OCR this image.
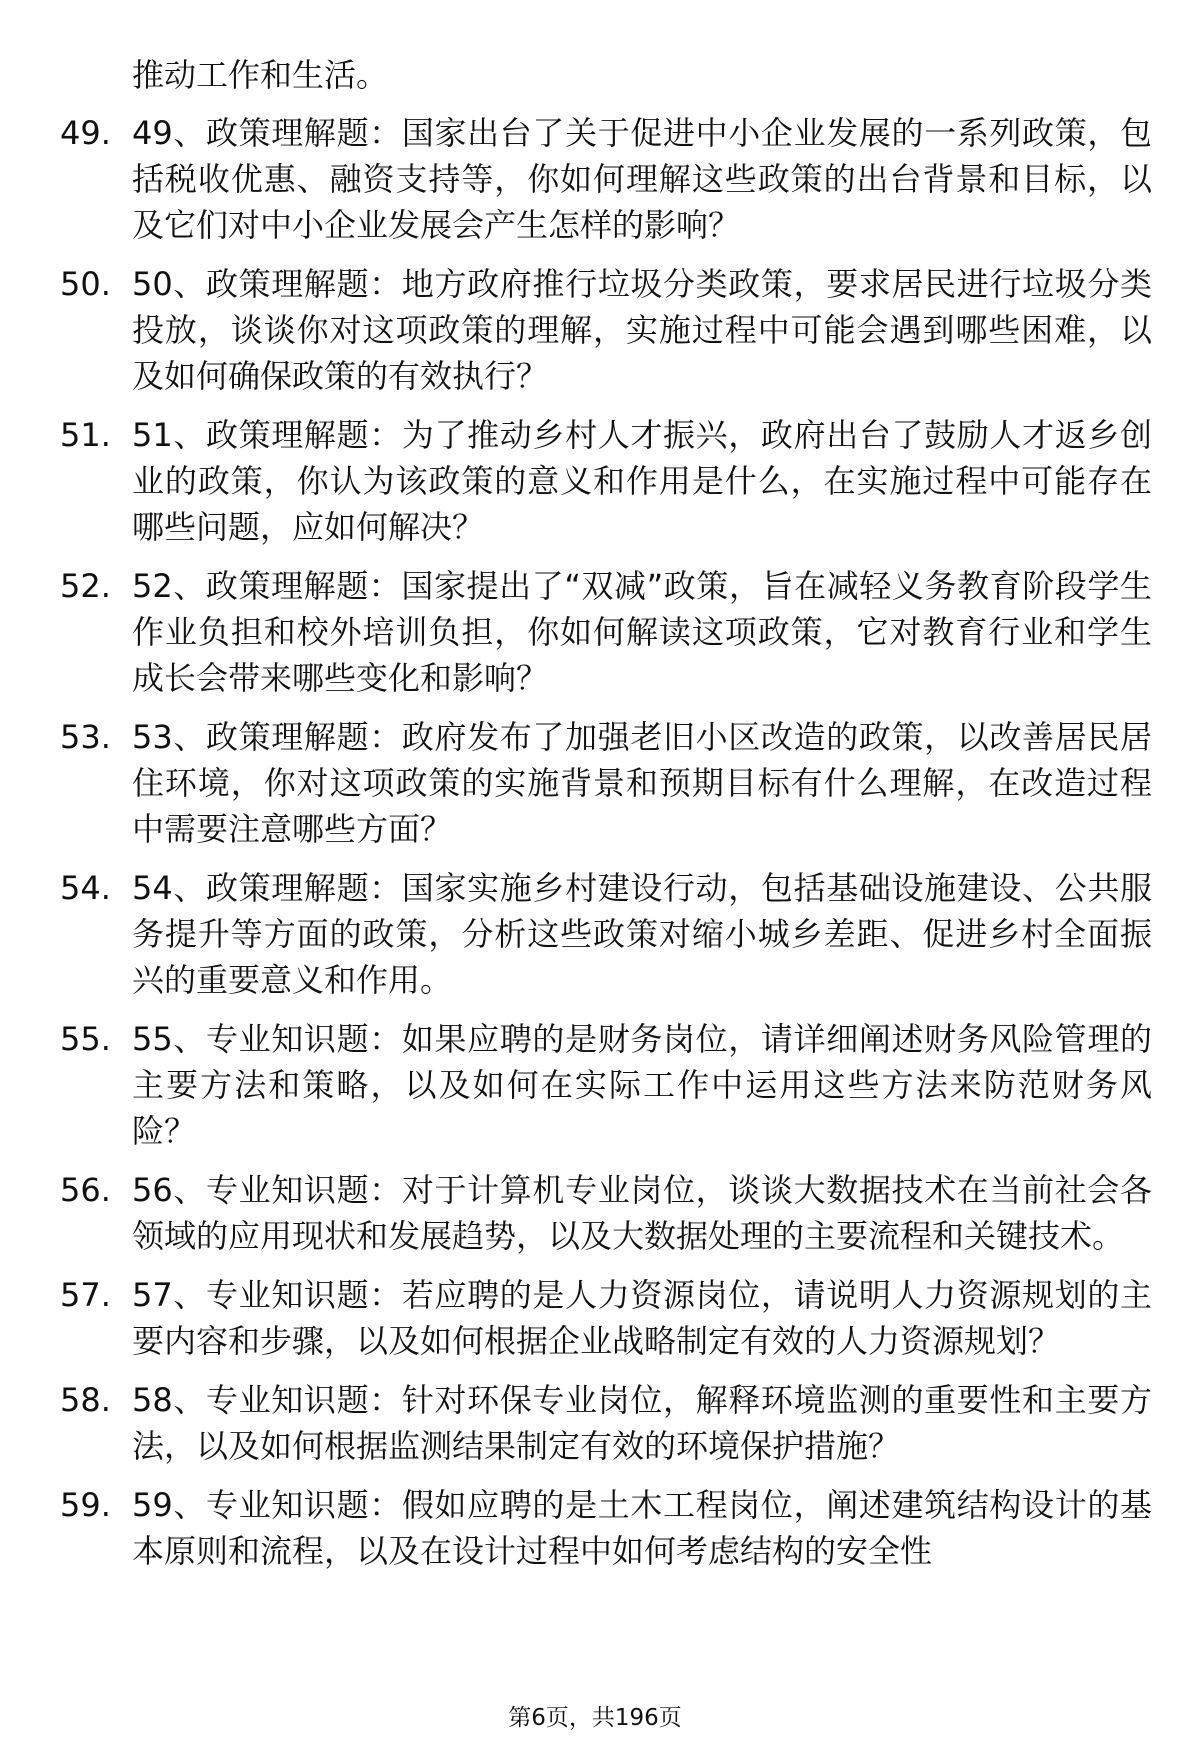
推动工作和生活。

49. 49、政策理解题：国家出台了关于促进中小企业发展的一系列政策，包括税收优惠、融资支持等，你如何理解这些政策的出台背景和目标，以及它们对中小企业发展会产生怎样的影响？
50. 50、政策理解题：地方政府推行垃圾分类政策，要求居民进行垃圾分类投放，谈谈你对这项政策的理解，实施过程中可能会遇到哪些困难，以及如何确保政策的有效执行？
51. 51、政策理解题：为了推动乡村人才振兴，政府出台了鼓励人才返乡创业的政策，你认为该政策的意义和作用是什么，在实施过程中可能存在哪些问题，应如何解决？
52. 52、政策理解题：国家提出了“双减”政策，旨在减轻义务教育阶段学生作业负担和校外培训负担，你如何解读这项政策，它对教育行业和学生成长会带来哪些变化和影响？
53. 53、政策理解题：政府发布了加强老旧小区改造的政策，以改善居民居住环境，你对这项政策的实施背景和预期目标有什么理解，在改造过程中需要注意哪些方面？
54. 54、政策理解题：国家实施乡村建设行动，包括基础设施建设、公共服务提升等方面的政策，分析这些政策对缩小城乡差距、促进乡村全面振兴的重要意义和作用。
55. 55、专业知识题：如果应聘的是财务岗位，请详细阐述财务风险管理的主要方法和策略，以及如何在实际工作中运用这些方法来防范财务风险？
56. 56、专业知识题：对于计算机专业岗位，谈谈大数据技术在当前社会各领域的应用现状和发展趋势，以及大数据处理的主要流程和关键技术。
57. 57、专业知识题：若应聘的是人力资源岗位，请说明人力资源规划的主要内容和步骤，以及如何根据企业战略制定有效的人力资源规划？
58. 58、专业知识题：针对环保专业岗位，解释环境监测的重要性和主要方法，以及如何根据监测结果制定有效的环境保护措施？
59. 59、专业知识题：假如应聘的是土木工程岗位，阐述建筑结构设计的基本原则和流程，以及在设计过程中如何考虑结构的安全性
第6页，共196页
